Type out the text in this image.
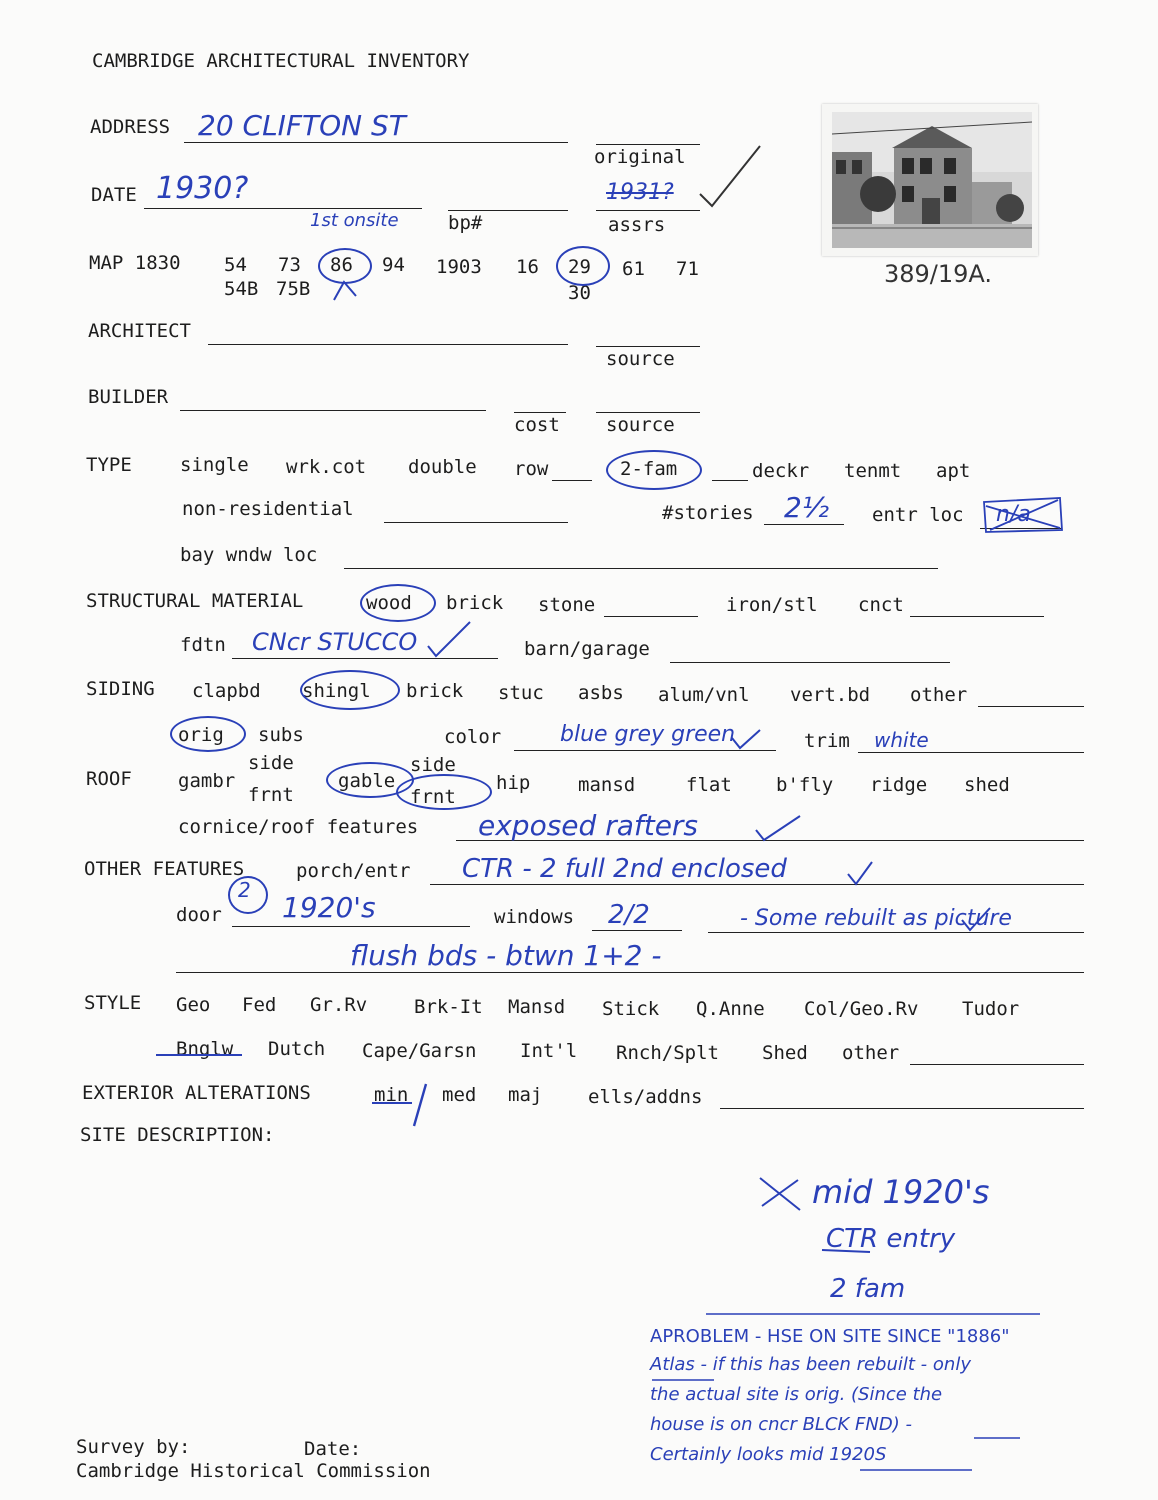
CAMBRIDGE ARCHITECTURAL INVENTORY
389/19A.
ADDRESS 20 CLIFTON ST
original
DATE 1930?
1st onsite	bp#
1931?
assrs
MAP 1830 54 73 86 94 1903 16 29 61 71
54B 75B	30
ARCHITECT
source
BUILDER
cost source
TYPE	single wrk.cot double row	2-fam	deckr tenmt apt
non-residential	#stories 2½ entr loc n/a
bay wndw loc
STRUCTURAL MATERIAL	wood brick stone	iron/stl cnct
fdtn CNcr STUCCO	barn/garage
SIDING clapbd shingl brick stuc asbs alum/vnl vert.bd other
orig subs	color	blue grey green	trim white
ROOF gambr
side
frnt
gable
side
frnt
hip	mansd	flat b'fly ridge shed
cornice/roof features exposed rafters
OTHER FEATURES	porch/entr CTR - 2 full 2nd enclosed
door
2
1920's	windows 2/2	- Some rebuilt as picture
flush bds - btwn 1+2 -
STYLE Geo Fed Gr.Rv Brk-It Mansd Stick Q.Anne Col/Geo.Rv Tudor
Bnglw Dutch Cape/Garsn Int'l Rnch/Splt Shed other
EXTERIOR ALTERATIONS	min med maj ells/addns
SITE DESCRIPTION:
mid 1920's
CTR entry
2 fam
APROBLEM - HSE ON SITE SINCE "1886"
Atlas - if this has been rebuilt - only
the actual site is orig. (Since the
house is on cncr BLCK FND) -
Certainly looks mid 1920S
Survey by:	Date:
Cambridge Historical Commission
